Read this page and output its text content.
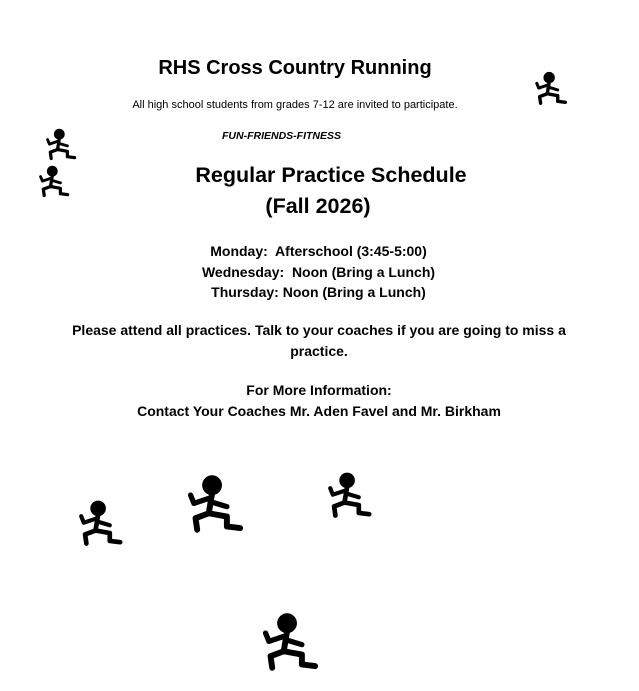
RHS Cross Country Running
All high school students from grades 7-12 are invited to participate.
FUN-FRIENDS-FITNESS
Regular Practice Schedule
(Fall 2026)
Monday:  Afterschool (3:45-5:00)
Wednesday:  Noon (Bring a Lunch)
Thursday: Noon (Bring a Lunch)
Please attend all practices. Talk to your coaches if you are going to miss a practice.
For More Information:
Contact Your Coaches Mr. Aden Favel and Mr. Birkham
